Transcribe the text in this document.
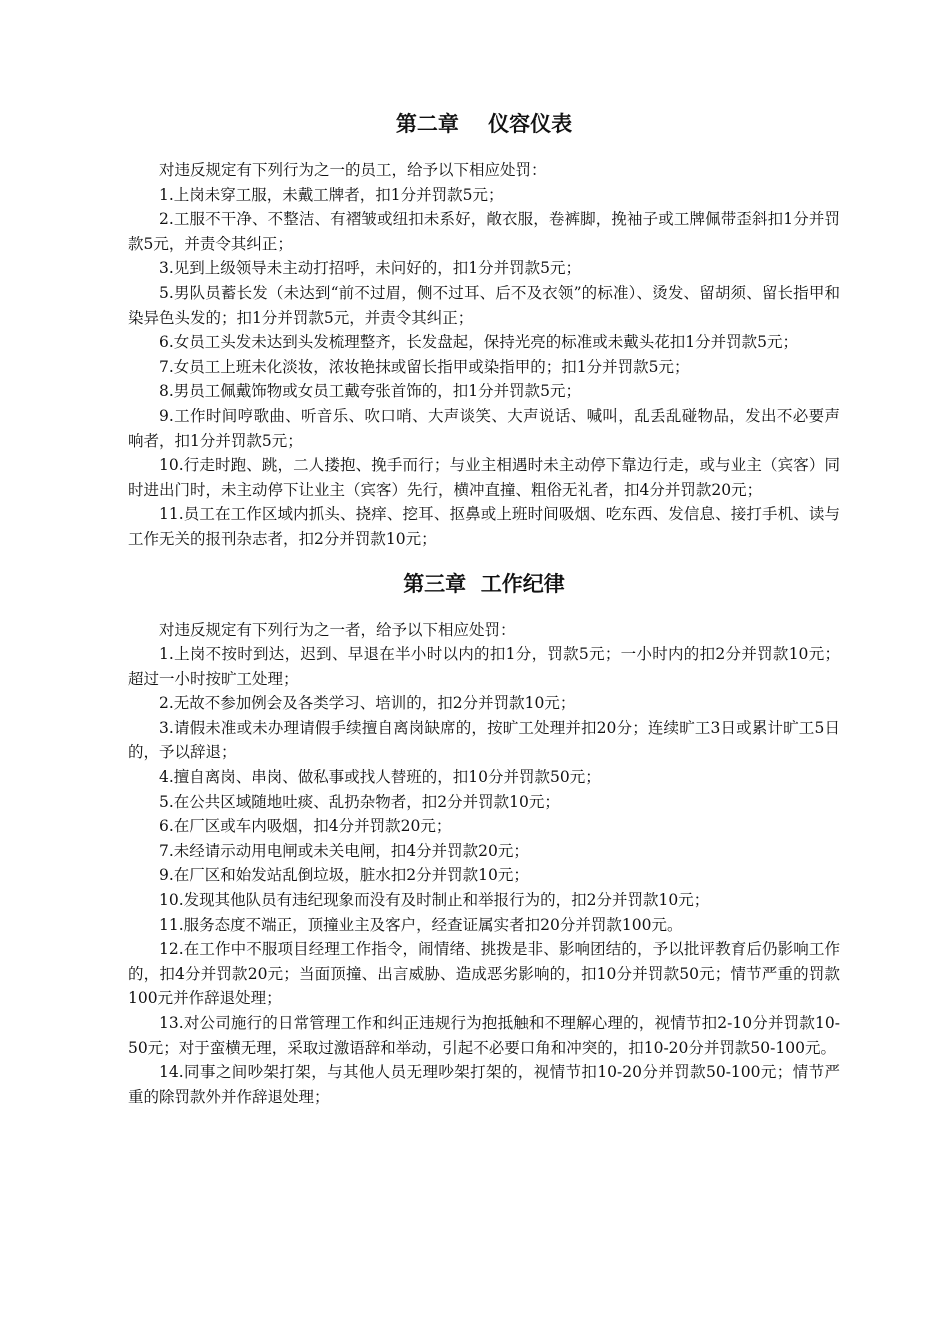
第二章    仪容仪表

对违反规定有下列行为之一的员工，给予以下相应处罚：

1.上岗未穿工服，未戴工牌者，扣1分并罚款5元；

2.工服不干净、不整洁、有褶皱或纽扣未系好，敞衣服，卷裤脚，挽袖子或工牌佩带歪斜扣1分并罚款5元，并责令其纠正；

3.见到上级领导未主动打招呼，未问好的，扣1分并罚款5元；

5.男队员蓄长发（未达到“前不过眉，侧不过耳、后不及衣领”的标准）、烫发、留胡须、留长指甲和染异色头发的；扣1分并罚款5元，并责令其纠正；

6.女员工头发未达到头发梳理整齐，长发盘起，保持光亮的标准或未戴头花扣1分并罚款5元；

7.女员工上班未化淡妆，浓妆艳抹或留长指甲或染指甲的；扣1分并罚款5元；

8.男员工佩戴饰物或女员工戴夸张首饰的，扣1分并罚款5元；

9.工作时间哼歌曲、听音乐、吹口哨、大声谈笑、大声说话、喊叫，乱丢乱碰物品，发出不必要声响者，扣1分并罚款5元；

10.行走时跑、跳，二人搂抱、挽手而行；与业主相遇时未主动停下靠边行走，或与业主（宾客）同时进出门时，未主动停下让业主（宾客）先行，横冲直撞、粗俗无礼者，扣4分并罚款20元；

11.员工在工作区域内抓头、挠痒、挖耳、抠鼻或上班时间吸烟、吃东西、发信息、接打手机、读与工作无关的报刊杂志者，扣2分并罚款10元；

第三章  工作纪律

对违反规定有下列行为之一者，给予以下相应处罚：

1.上岗不按时到达，迟到、早退在半小时以内的扣1分，罚款5元；一小时内的扣2分并罚款10元；超过一小时按旷工处理；

2.无故不参加例会及各类学习、培训的，扣2分并罚款10元；

3.请假未准或未办理请假手续擅自离岗缺席的，按旷工处理并扣20分；连续旷工3日或累计旷工5日的，予以辞退；

4.擅自离岗、串岗、做私事或找人替班的，扣10分并罚款50元；

5.在公共区域随地吐痰、乱扔杂物者，扣2分并罚款10元；

6.在厂区或车内吸烟，扣4分并罚款20元；

7.未经请示动用电闸或未关电闸，扣4分并罚款20元；

9.在厂区和始发站乱倒垃圾，脏水扣2分并罚款10元；

10.发现其他队员有违纪现象而没有及时制止和举报行为的，扣2分并罚款10元；

11.服务态度不端正，顶撞业主及客户，经查证属实者扣20分并罚款100元。

12.在工作中不服项目经理工作指令，闹情绪、挑拨是非、影响团结的，予以批评教育后仍影响工作的，扣4分并罚款20元；当面顶撞、出言威胁、造成恶劣影响的，扣10分并罚款50元；情节严重的罚款100元并作辞退处理；

13.对公司施行的日常管理工作和纠正违规行为抱抵触和不理解心理的，视情节扣2-10分并罚款10-50元；对于蛮横无理，采取过激语辞和举动，引起不必要口角和冲突的，扣10-20分并罚款50-100元。

14.同事之间吵架打架，与其他人员无理吵架打架的，视情节扣10-20分并罚款50-100元；情节严重的除罚款外并作辞退处理；
